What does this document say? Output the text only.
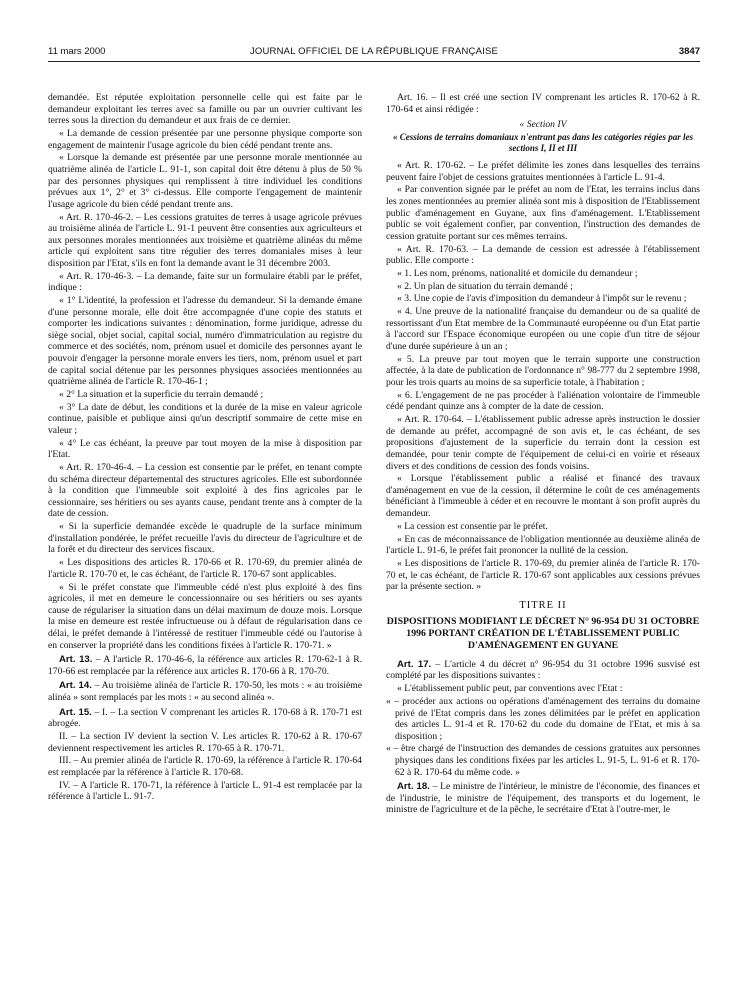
11 mars 2000	JOURNAL OFFICIEL DE LA RÉPUBLIQUE FRANÇAISE	3847

demandée. Est réputée exploitation personnelle celle qui est faite par le demandeur exploitant les terres avec sa famille ou par un ouvrier cultivant les terres sous la direction du demandeur et aux frais de ce dernier.

« La demande de cession présentée par une personne physique comporte son engagement de maintenir l'usage agricole du bien cédé pendant trente ans.

« Lorsque la demande est présentée par une personne morale mentionnée au quatrième alinéa de l'article L. 91-1, son capital doit être détenu à plus de 50 % par des personnes physiques qui remplissent à titre individuel les conditions prévues aux 1°, 2° et 3° ci-dessus. Elle comporte l'engagement de maintenir l'usage agricole du bien cédé pendant trente ans.

« Art. R. 170-46-2. – Les cessions gratuites de terres à usage agricole prévues au troisième alinéa de l'article L. 91-1 peuvent être consenties aux agriculteurs et aux personnes morales mentionnées aux troisième et quatrième alinéas du même article qui exploitent sans titre régulier des terres domaniales mises à leur disposition par l'Etat, s'ils en font la demande avant le 31 décembre 2003.

« Art. R. 170-46-3. – La demande, faite sur un formulaire établi par le préfet, indique :

« 1° L'identité, la profession et l'adresse du demandeur. Si la demande émane d'une personne morale, elle doit être accompagnée d'une copie des statuts et comporter les indications suivantes : dénomination, forme juridique, adresse du siège social, objet social, capital social, numéro d'immatriculation au registre du commerce et des sociétés, nom, prénom usuel et domicile des personnes ayant le pouvoir d'engager la personne morale envers les tiers, nom, prénom usuel et part de capital social détenue par les personnes physiques associées mentionnées au quatrième alinéa de l'article R. 170-46-1 ;

« 2° La situation et la superficie du terrain demandé ;

« 3° La date de début, les conditions et la durée de la mise en valeur agricole continue, paisible et publique ainsi qu'un descriptif sommaire de cette mise en valeur ;

« 4° Le cas échéant, la preuve par tout moyen de la mise à disposition par l'Etat.

« Art. R. 170-46-4. – La cession est consentie par le préfet, en tenant compte du schéma directeur départemental des structures agricoles. Elle est subordonnée à la condition que l'immeuble soit exploité à des fins agricoles par le cessionnaire, ses héritiers ou ses ayants cause, pendant trente ans à compter de la date de cession.

« Si la superficie demandée excède le quadruple de la surface minimum d'installation pondérée, le préfet recueille l'avis du directeur de l'agriculture et de la forêt et du directeur des services fiscaux.

« Les dispositions des articles R. 170-66 et R. 170-69, du premier alinéa de l'article R. 170-70 et, le cas échéant, de l'article R. 170-67 sont applicables.

« Si le préfet constate que l'immeuble cédé n'est plus exploité à des fins agricoles, il met en demeure le concessionnaire ou ses héritiers ou ses ayants cause de régulariser la situation dans un délai maximum de douze mois. Lorsque la mise en demeure est restée infructueuse ou à défaut de régularisation dans ce délai, le préfet demande à l'intéressé de restituer l'immeuble cédé ou l'autorise à en conserver la propriété dans les conditions fixées à l'article R. 170-71. »

Art. 13. – A l'article R. 170-46-6, la référence aux articles R. 170-62-1 à R. 170-66 est remplacée par la référence aux articles R. 170-66 à R. 170-70.

Art. 14. – Au troisième alinéa de l'article R. 170-50, les mots : « au troisième alinéa » sont remplacés par les mots : « au second alinéa ».

Art. 15. – I. – La section V comprenant les articles R. 170-68 à R. 170-71 est abrogée.

II. – La section IV devient la section V. Les articles R. 170-62 à R. 170-67 deviennent respectivement les articles R. 170-65 à R. 170-71.

III. – Au premier alinéa de l'article R. 170-69, la référence à l'article R. 170-64 est remplacée par la référence à l'article R. 170-68.

IV. – A l'article R. 170-71, la référence à l'article L. 91-4 est remplacée par la référence à l'article L. 91-7.

Art. 16. – Il est créé une section IV comprenant les articles R. 170-62 à R. 170-64 et ainsi rédigée :

« Section IV

« Cessions de terrains domaniaux n'entrant pas dans les catégories régies par les sections I, II et III

« Art. R. 170-62. – Le préfet délimite les zones dans lesquelles des terrains peuvent faire l'objet de cessions gratuites mentionnées à l'article L. 91-4.

« Par convention signée par le préfet au nom de l'Etat, les terrains inclus dans les zones mentionnées au premier alinéa sont mis à disposition de l'Etablissement public d'aménagement en Guyane, aux fins d'aménagement. L'Etablissement public se voit également confier, par convention, l'instruction des demandes de cession gratuite portant sur ces mêmes terrains.

« Art. R. 170-63. – La demande de cession est adressée à l'établissement public. Elle comporte :

« 1. Les nom, prénoms, nationalité et domicile du demandeur ;

« 2. Un plan de situation du terrain demandé ;

« 3. Une copie de l'avis d'imposition du demandeur à l'impôt sur le revenu ;

« 4. Une preuve de la nationalité française du demandeur ou de sa qualité de ressortissant d'un Etat membre de la Communauté européenne ou d'un Etat partie à l'accord sur l'Espace économique européen ou une copie d'un titre de séjour d'une durée supérieure à un an ;

« 5. La preuve par tout moyen que le terrain supporte une construction affectée, à la date de publication de l'ordonnance n° 98-777 du 2 septembre 1998, pour les trois quarts au moins de sa superficie totale, à l'habitation ;

« 6. L'engagement de ne pas procéder à l'aliénation volontaire de l'immeuble cédé pendant quinze ans à compter de la date de cession.

« Art. R. 170-64. – L'établissement public adresse après instruction le dossier de demande au préfet, accompagné de son avis et, le cas échéant, de ses propositions d'ajustement de la superficie du terrain dont la cession est demandée, pour tenir compte de l'équipement de celui-ci en voirie et réseaux divers et des conditions de cession des fonds voisins.

« Lorsque l'établissement public a réalisé et financé des travaux d'aménagement en vue de la cession, il détermine le coût de ces aménagements bénéficiant à l'immeuble à céder et en recouvre le montant à son profit auprès du demandeur.

« La cession est consentie par le préfet.

« En cas de méconnaissance de l'obligation mentionnée au deuxième alinéa de l'article L. 91-6, le préfet fait prononcer la nullité de la cession.

« Les dispositions de l'article R. 170-69, du premier alinéa de l'article R. 170-70 et, le cas échéant, de l'article R. 170-67 sont applicables aux cessions prévues par la présente section. »

TITRE II
DISPOSITIONS MODIFIANT LE DÉCRET N° 96-954 DU 31 OCTOBRE 1996 PORTANT CRÉATION DE L'ÉTABLISSEMENT PUBLIC D'AMÉNAGEMENT EN GUYANE

Art. 17. – L'article 4 du décret n° 96-954 du 31 octobre 1996 susvisé est complété par les dispositions suivantes :

« L'établissement public peut, par conventions avec l'Etat :

« – procéder aux actions ou opérations d'aménagement des terrains du domaine privé de l'Etat compris dans les zones délimitées par le préfet en application des articles L. 91-4 et R. 170-62 du code du domaine de l'Etat, et mis à sa disposition ;

« – être chargé de l'instruction des demandes de cessions gratuites aux personnes physiques dans les conditions fixées par les articles L. 91-5, L. 91-6 et R. 170-62 à R. 170-64 du même code. »

Art. 18. – Le ministre de l'intérieur, le ministre de l'économie, des finances et de l'industrie, le ministre de l'équipement, des transports et du logement, le ministre de l'agriculture et de la pêche, le secrétaire d'Etat à l'outre-mer, le
